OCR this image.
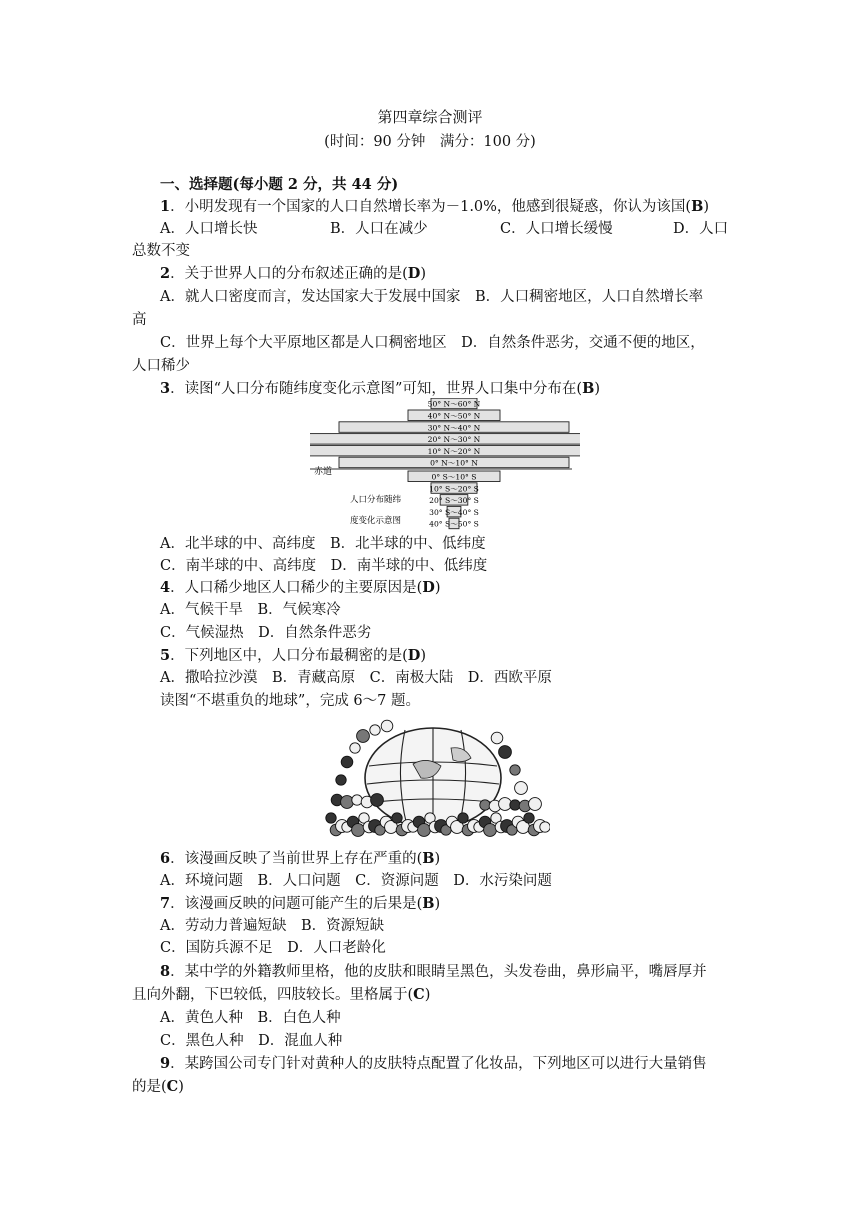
第四章综合测评
(时间：90 分钟　满分：100 分)
一、选择题(每小题 2 分，共 44 分)
1．小明发现有一个国家的人口自然增长率为－1.0%，他感到很疑惑，你认为该国(B)
A．人口增长快	B．人口在减少	C．人口增长缓慢	D．人口
总数不变
2．关于世界人口的分布叙述正确的是(D)
A．就人口密度而言，发达国家大于发展中国家　B．人口稠密地区，人口自然增长率
高
C．世界上每个大平原地区都是人口稠密地区　D．自然条件恶劣，交通不便的地区，
人口稀少
3．读图“人口分布随纬度变化示意图”可知，世界人口集中分布在(B)
50° N～60° N
40° N～50° N
30° N～40° N
20° N～30° N
10° N～20° N
0° N～10° N
0° S～10° S
10° S～20° S
20° S～30° S
30° S～40° S
40° S～50° S
赤道
人口分布随纬
度变化示意图
A．北半球的中、高纬度　B．北半球的中、低纬度
C．南半球的中、高纬度　D．南半球的中、低纬度
4．人口稀少地区人口稀少的主要原因是(D)
A．气候干旱　B．气候寒冷
C．气候湿热　D．自然条件恶劣
5．下列地区中，人口分布最稠密的是(D)
A．撒哈拉沙漠　B．青藏高原　C．南极大陆　D．西欧平原
读图“不堪重负的地球”，完成 6～7 题。
6．该漫画反映了当前世界上存在严重的(B)
A．环境问题　B．人口问题　C．资源问题　D．水污染问题
7．该漫画反映的问题可能产生的后果是(B)
A．劳动力普遍短缺　B．资源短缺
C．国防兵源不足　D．人口老龄化
8．某中学的外籍教师里格，他的皮肤和眼睛呈黑色，头发卷曲，鼻形扁平，嘴唇厚并
且向外翻，下巴较低，四肢较长。里格属于(C)
A．黄色人种　B．白色人种
C．黑色人种　D．混血人种
9．某跨国公司专门针对黄种人的皮肤特点配置了化妆品，下列地区可以进行大量销售
的是(C)
